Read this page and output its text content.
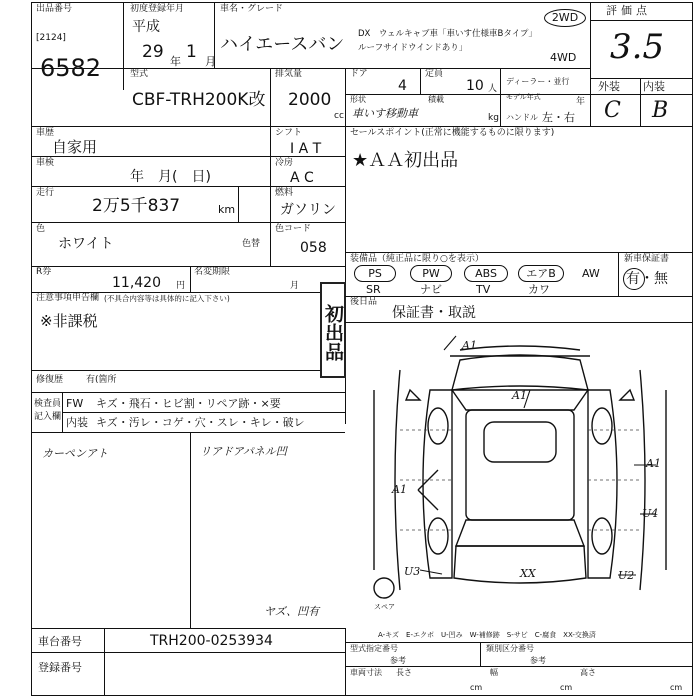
出品番号
[2124]
6582
初度登録年月
平成
29 年 1 月
車名・グレード
ハイエースバン DX　ウェルキャブ車「車いす仕様車Bタイプ」
ルーフサイドウインドあり」
2WD
4WD
評価点
3.5
外装 内装
C B
型式
CBF-TRH200K改
排気量
2000
cc
ドア
4
定員
10 人
ディーラー・並行
モデル年式	年
形状
車いす移動車
積載
kg ハンドル 左・右
車歴
自家用
シフト
I A T
セールスポイント(正常に機能するものに限ります)
★ＡＡ初出品
車検
年　月(　日)
冷房
A C
走行
2万5千837	km
燃料
ガソリン
色
ホワイト	色替
色コード
058
装備品（純正品に限り○を表示）	新車保証書
PS	PW	ABS	エアB	AW
SR	ナビ	TV	カワ
有・無
R券
11,420 円
名変期限
月
初出品
注意事項申告欄 (不具合内容等は具体的に記入下さい)
※非課税
後日品
保証書・取説
修復歴	有(箇所
検査員記入欄
FW キズ・飛石・ヒビ割・リペア跡・×要
内装 キズ・汚レ・コゲ・穴・スレ・キレ・破レ
カーペンアト	リアドアパネル凹
ヤズ、凹有
A1
A1
A1
A1
U4
U3	XX	U2
スペア
A-キズ　E-エクボ　U-凹み　W-補修跡　S-サビ　C-腐食　XX-交換済
車台番号	TRH200-0253934
登録番号
型式指定番号
参考
類別区分番号
参考
車両寸法 長さ	幅	高さ
cm	cm	cm
